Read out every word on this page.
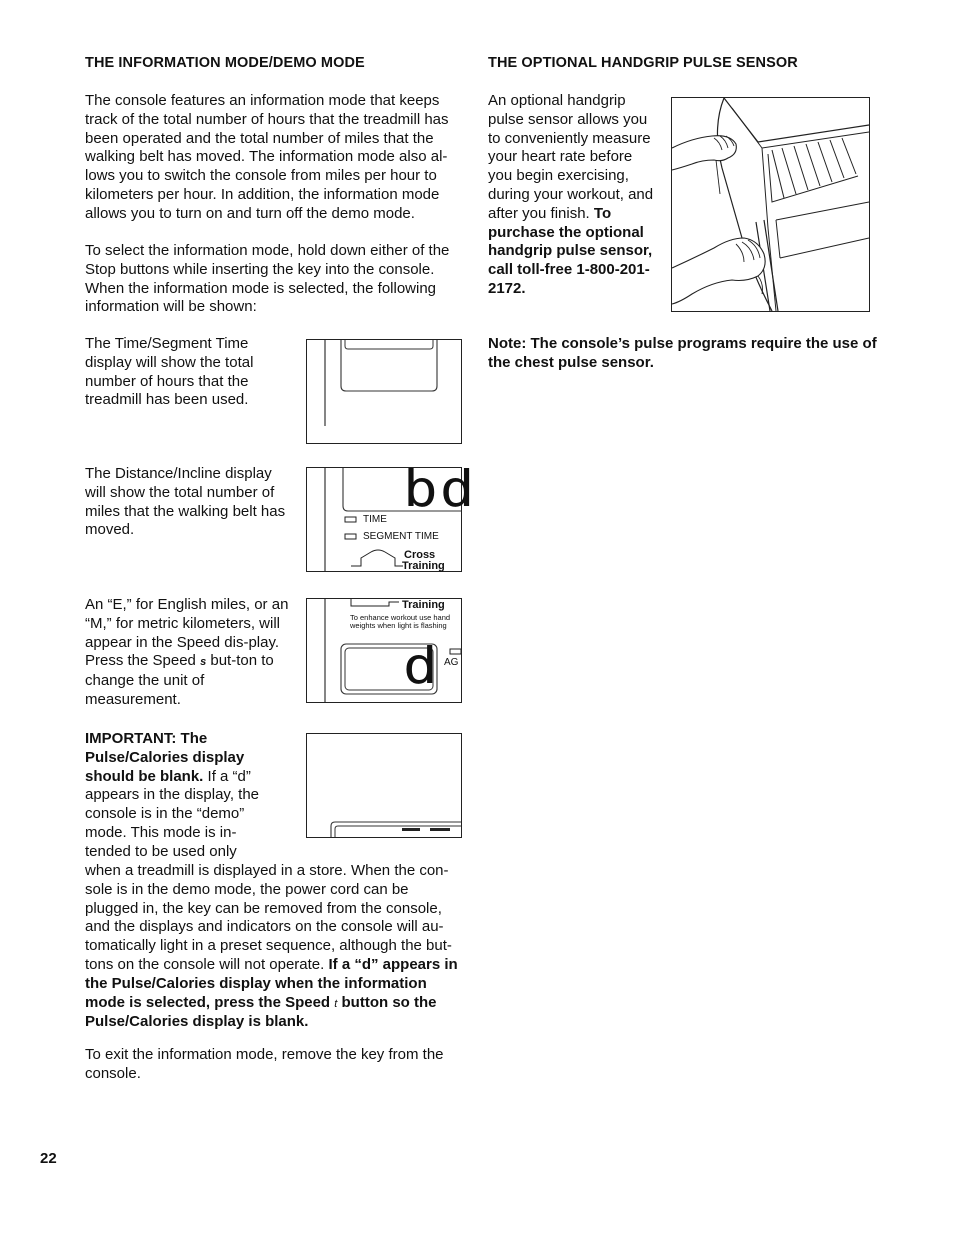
THE INFORMATION MODE/DEMO MODE
The console features an information mode that keeps track of the total number of hours that the treadmill has been operated and the total number of miles that the walking belt has moved. The information mode also al-lows you to switch the console from miles per hour to kilometers per hour. In addition, the information mode allows you to turn on and turn off the demo mode.
To select the information mode, hold down either of the Stop buttons while inserting the key into the console. When the information mode is selected, the following information will be shown:
The Time/Segment Time display will show the total number of hours that the treadmill has been used.
The Distance/Incline display will show the total number of miles that the walking belt has moved.
An “E,” for English miles, or an “M,” for metric kilometers, will appear in the Speed dis-play. Press the Speed s but-ton to change the unit of measurement.
IMPORTANT: The Pulse/Calories display should be blank. If a “d” appears in the display, the console is in the “demo” mode. This mode is in-tended to be used only
when a treadmill is displayed in a store. When the con-sole is in the demo mode, the power cord can be plugged in, the key can be removed from the console, and the displays and indicators on the console will au-tomatically light in a preset sequence, although the but-tons on the console will not operate. If a “d” appears in the Pulse/Calories display when the information mode is selected, press the Speed t button so the Pulse/Calories display is blank.
To exit the information mode, remove the key from the console.
bd
TIME
SEGMENT TIME
Cross
Training
Training
To enhance workout use hand
weights when light is flashing
d AG
THE OPTIONAL HANDGRIP PULSE SENSOR
An optional handgrip pulse sensor allows you to conveniently measure your heart rate before you begin exercising, during your workout, and after you finish. To purchase the optional handgrip pulse sensor, call toll-free 1-800-201-2172.
Note: The console’s pulse programs require the use of the chest pulse sensor.
22
